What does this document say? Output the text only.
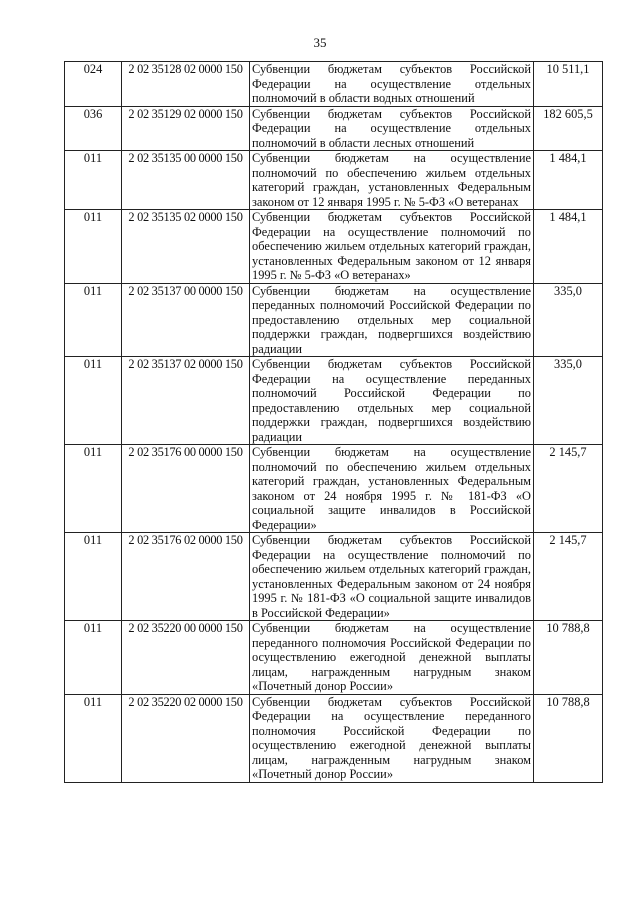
35
024	2 02 35128 02 0000 150	Субвенции бюджетам субъектов Российской Федерации на осуществление отдельных полномочий в области водных отношений	10 511,1
036	2 02 35129 02 0000 150	Субвенции бюджетам субъектов Российской Федерации на осуществление отдельных полномочий в области лесных отношений	182 605,5
011	2 02 35135 00 0000 150	Субвенции бюджетам на осуществление полномочий по обеспечению жильем отдельных категорий граждан, установленных Федеральным законом от 12 января 1995 г. № 5-ФЗ «О ветеранах	1 484,1
011	2 02 35135 02 0000 150	Субвенции бюджетам субъектов Российской Федерации на осуществление полномочий по обеспечению жильем отдельных категорий граждан, установленных Федеральным законом от 12 января 1995 г. № 5-ФЗ «О ветеранах»	1 484,1
011	2 02 35137 00 0000 150	Субвенции бюджетам на осуществление переданных полномочий Российской Федерации по предоставлению отдельных мер социальной поддержки граждан, подвергшихся воздействию радиации	335,0
011	2 02 35137 02 0000 150	Субвенции бюджетам субъектов Российской Федерации на осуществление переданных полномочий Российской Федерации по предоставлению отдельных мер социальной поддержки граждан, подвергшихся воздействию радиации	335,0
011	2 02 35176 00 0000 150	Субвенции бюджетам на осуществление полномочий по обеспечению жильем отдельных категорий граждан, установленных Федеральным законом от 24 ноября 1995 г. № 181-ФЗ «О социальной защите инвалидов в Российской Федерации»	2 145,7
011	2 02 35176 02 0000 150	Субвенции бюджетам субъектов Российской Федерации на осуществление полномочий по обеспечению жильем отдельных категорий граждан, установленных Федеральным законом от 24 ноября 1995 г. № 181-ФЗ «О социальной защите инвалидов в Российской Федерации»	2 145,7
011	2 02 35220 00 0000 150	Субвенции бюджетам на осуществление переданного полномочия Российской Федерации по осуществлению ежегодной денежной выплаты лицам, награжденным нагрудным знаком «Почетный донор России»	10 788,8
011	2 02 35220 02 0000 150	Субвенции бюджетам субъектов Российской Федерации на осуществление переданного полномочия Российской Федерации по осуществлению ежегодной денежной выплаты лицам, награжденным нагрудным знаком «Почетный донор России»	10 788,8
